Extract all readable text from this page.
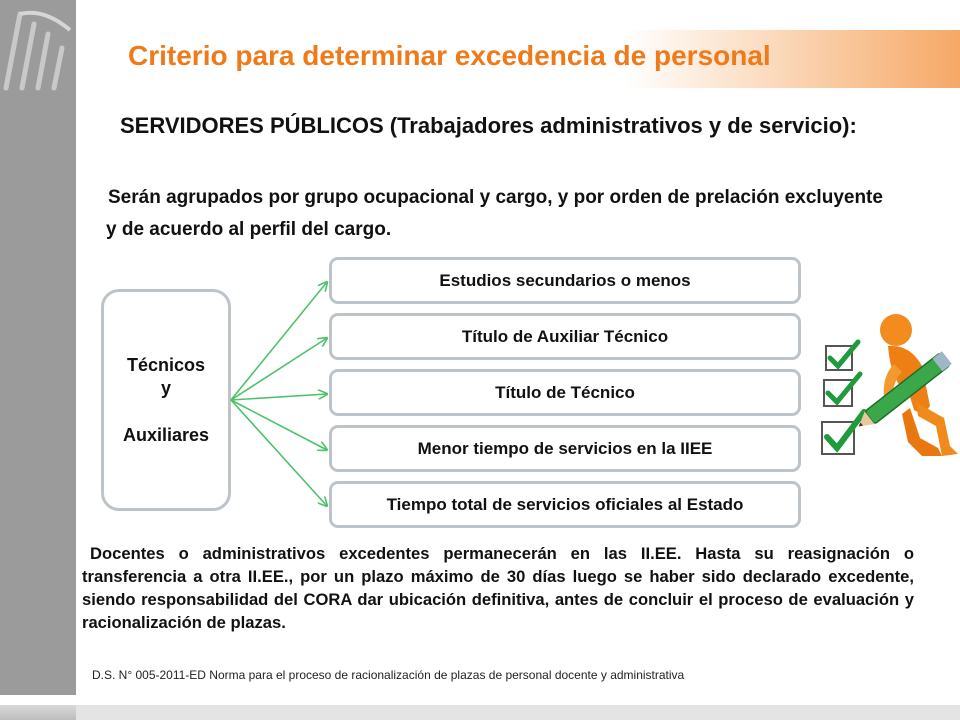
Criterio para determinar excedencia de personal
SERVIDORES PÚBLICOS (Trabajadores administrativos y de servicio):
Serán agrupados por grupo ocupacional y cargo, y por orden de prelación excluyente y de acuerdo al perfil del cargo.
Técnicos
y
Auxiliares
Estudios secundarios o menos
Título de Auxiliar Técnico
Título de Técnico
Menor tiempo de servicios en la IIEE
Tiempo total de servicios oficiales al Estado
Docentes o administrativos excedentes permanecerán en las II.EE. Hasta su reasignación o transferencia a otra II.EE., por un plazo máximo de 30 días luego se haber sido declarado excedente, siendo responsabilidad del CORA dar ubicación definitiva, antes de concluir el proceso de evaluación y racionalización de plazas.
D.S. N° 005-2011-ED Norma para el proceso de racionalización de plazas de personal docente y administrativa
